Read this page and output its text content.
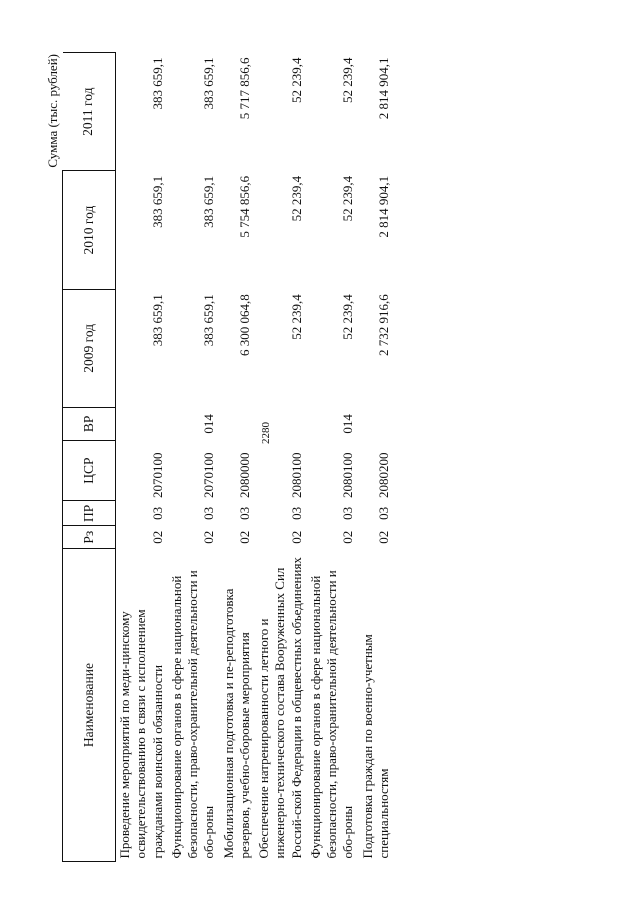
2280
Сумма (тыс. рублей)
Наименование	Рз	ПР	ЦСР	ВР	2009 год	2010 год	2011 год
Проведение мероприятий по меди-цинскому освидетельствованию в связи с исполнением гражданами воинской обязанности	02	03	2070100		383 659,1	383 659,1	383 659,1
Функционирование органов в сфере национальной безопасности, право-охранительной деятельности и обо-роны	02	03	2070100	014	383 659,1	383 659,1	383 659,1
Мобилизационная подготовка и пе-реподготовка резервов, учебно-сборовые мероприятия	02	03	2080000		6 300 064,8	5 754 856,6	5 717 856,6
Обеспечение натренированности летного и инженерно-технического состава Вооруженных Сил Россий-ской Федерации в общевестных объединениях	02	03	2080100		52 239,4	52 239,4	52 239,4
Функционирование органов в сфере национальной безопасности, право-охранительной деятельности и обо-роны	02	03	2080100	014	52 239,4	52 239,4	52 239,4
Подготовка граждан по военно-учетным специальностям	02	03	2080200		2 732 916,6	2 814 904,1	2 814 904,1
